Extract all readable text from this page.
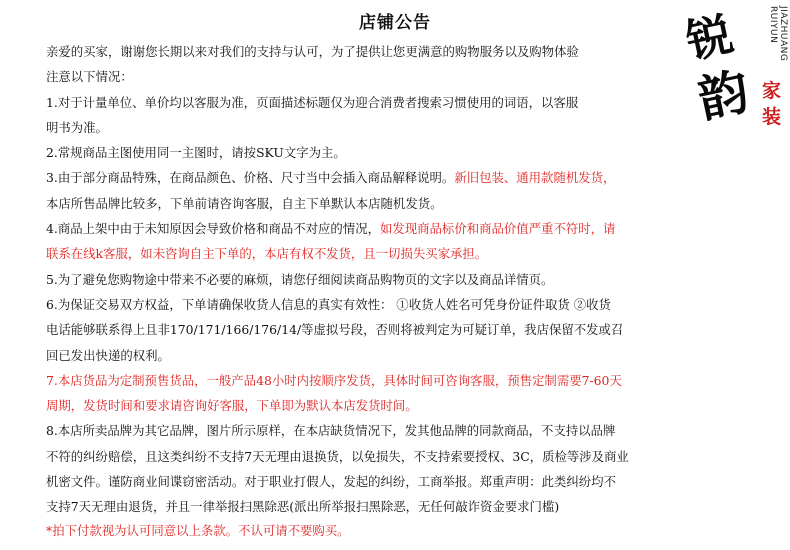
店铺公告
亲爱的买家，谢谢您长期以来对我们的支持与认可，为了提供让您更满意的购物服务以及购物体验
注意以下情况：
1.对于计量单位、单价均以客服为准，页面描述标题仅为迎合消费者搜索习惯使用的词语，以客服
明书为准。
2.常规商品主图使用同一主图时，请按SKU文字为主。
3.由于部分商品特殊，在商品颜色、价格、尺寸当中会插入商品解释说明。新旧包装、通用款随机发货，
本店所售品牌比较多，下单前请咨询客服，自主下单默认本店随机发货。
4.商品上架中由于未知原因会导致价格和商品不对应的情况，如发现商品标价和商品价值严重不符时，请
联系在线k客服，如未咨询自主下单的，本店有权不发货，且一切损失买家承担。
5.为了避免您购物途中带来不必要的麻烦，请您仔细阅读商品购物页的文字以及商品详情页。
6.为保证交易双方权益，下单请确保收货人信息的真实有效性： ①收货人姓名可凭身份证件取货 ②收货
电话能够联系得上且非170/171/166/176/14/等虚拟号段，否则将被判定为可疑订单，我店保留不发或召
回已发出快递的权利。
7.本店货品为定制预售货品，一般产品48小时内按顺序发货，具体时间可咨询客服，预售定制需要7-60天
周期，发货时间和要求请咨询好客服，下单即为默认本店发货时间。
8.本店所卖品牌为其它品牌，图片所示原样，在本店缺货情况下，发其他品牌的同款商品，不支持以品牌
不符的纠纷赔偿，且这类纠纷不支持7天无理由退换货，以免损失，不支持索要授权、3C，质检等涉及商业
机密文件。谨防商业间谍窃密活动。对于职业打假人，发起的纠纷，工商举报。郑重声明：此类纠纷均不
支持7天无理由退货，并且一律举报扫黑除恶(派出所举报扫黑除恶，无任何敲诈资金要求门槛)
*拍下付款视为认可同意以上条款。不认可请不要购买。
锐
韵
JIAZHUANG
RUIYUN
家
装
